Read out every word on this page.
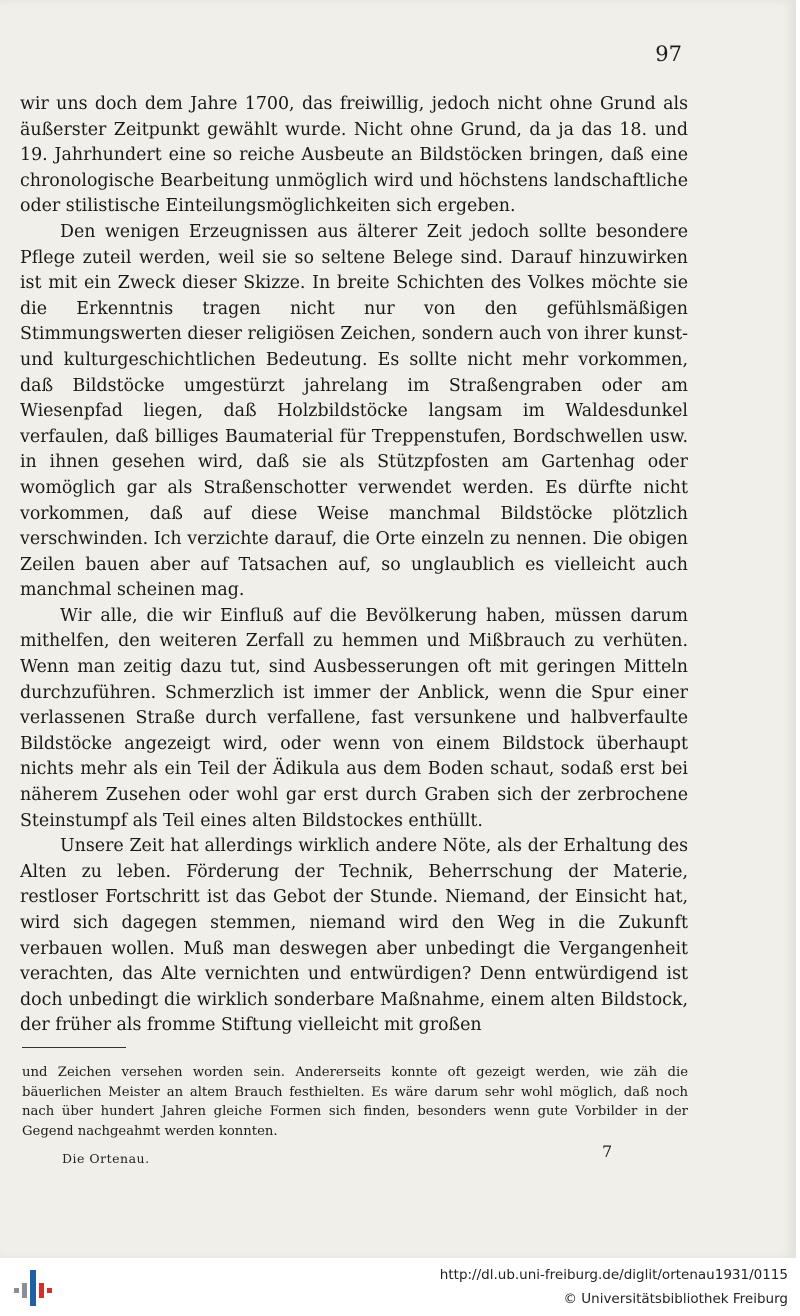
97

wir uns doch dem Jahre 1700, das freiwillig, jedoch nicht ohne Grund als äußerster Zeitpunkt gewählt wurde. Nicht ohne Grund, da ja das 18. und 19. Jahrhundert eine so reiche Ausbeute an Bildstöcken bringen, daß eine chronologische Bearbeitung unmöglich wird und höchstens landschaftliche oder stilistische Einteilungsmöglichkeiten sich ergeben.

Den wenigen Erzeugnissen aus älterer Zeit jedoch sollte besondere Pflege zuteil werden, weil sie so seltene Belege sind. Darauf hinzuwirken ist mit ein Zweck dieser Skizze. In breite Schichten des Volkes möchte sie die Erkenntnis tragen nicht nur von den gefühlsmäßigen Stimmungswerten dieser religiösen Zeichen, sondern auch von ihrer kunst- und kulturgeschichtlichen Bedeutung. Es sollte nicht mehr vorkommen, daß Bildstöcke umgestürzt jahrelang im Straßengraben oder am Wiesenpfad liegen, daß Holzbildstöcke langsam im Waldesdunkel verfaulen, daß billiges Baumaterial für Treppenstufen, Bordschwellen usw. in ihnen gesehen wird, daß sie als Stützpfosten am Gartenhag oder womöglich gar als Straßenschotter verwendet werden. Es dürfte nicht vorkommen, daß auf diese Weise manchmal Bildstöcke plötzlich verschwinden. Ich verzichte darauf, die Orte einzeln zu nennen. Die obigen Zeilen bauen aber auf Tatsachen auf, so unglaublich es vielleicht auch manchmal scheinen mag.

Wir alle, die wir Einfluß auf die Bevölkerung haben, müssen darum mithelfen, den weiteren Zerfall zu hemmen und Mißbrauch zu verhüten. Wenn man zeitig dazu tut, sind Ausbesserungen oft mit geringen Mitteln durchzuführen. Schmerzlich ist immer der Anblick, wenn die Spur einer verlassenen Straße durch verfallene, fast versunkene und halbverfaulte Bildstöcke angezeigt wird, oder wenn von einem Bildstock überhaupt nichts mehr als ein Teil der Ädikula aus dem Boden schaut, sodaß erst bei näherem Zusehen oder wohl gar erst durch Graben sich der zerbrochene Steinstumpf als Teil eines alten Bildstockes enthüllt.

Unsere Zeit hat allerdings wirklich andere Nöte, als der Erhaltung des Alten zu leben. Förderung der Technik, Beherrschung der Materie, restloser Fortschritt ist das Gebot der Stunde. Niemand, der Einsicht hat, wird sich dagegen stemmen, niemand wird den Weg in die Zukunft verbauen wollen. Muß man deswegen aber unbedingt die Vergangenheit verachten, das Alte vernichten und entwürdigen? Denn entwürdigend ist doch unbedingt die wirklich sonderbare Maßnahme, einem alten Bildstock, der früher als fromme Stiftung vielleicht mit großen

und Zeichen versehen worden sein. Andererseits konnte oft gezeigt werden, wie zäh die bäuerlichen Meister an altem Brauch festhielten. Es wäre darum sehr wohl möglich, daß noch nach über hundert Jahren gleiche Formen sich finden, besonders wenn gute Vorbilder in der Gegend nachgeahmt werden konnten.

Die Ortenau.	7
http://dl.ub.uni-freiburg.de/diglit/ortenau1931/0115
© Universitätsbibliothek Freiburg
